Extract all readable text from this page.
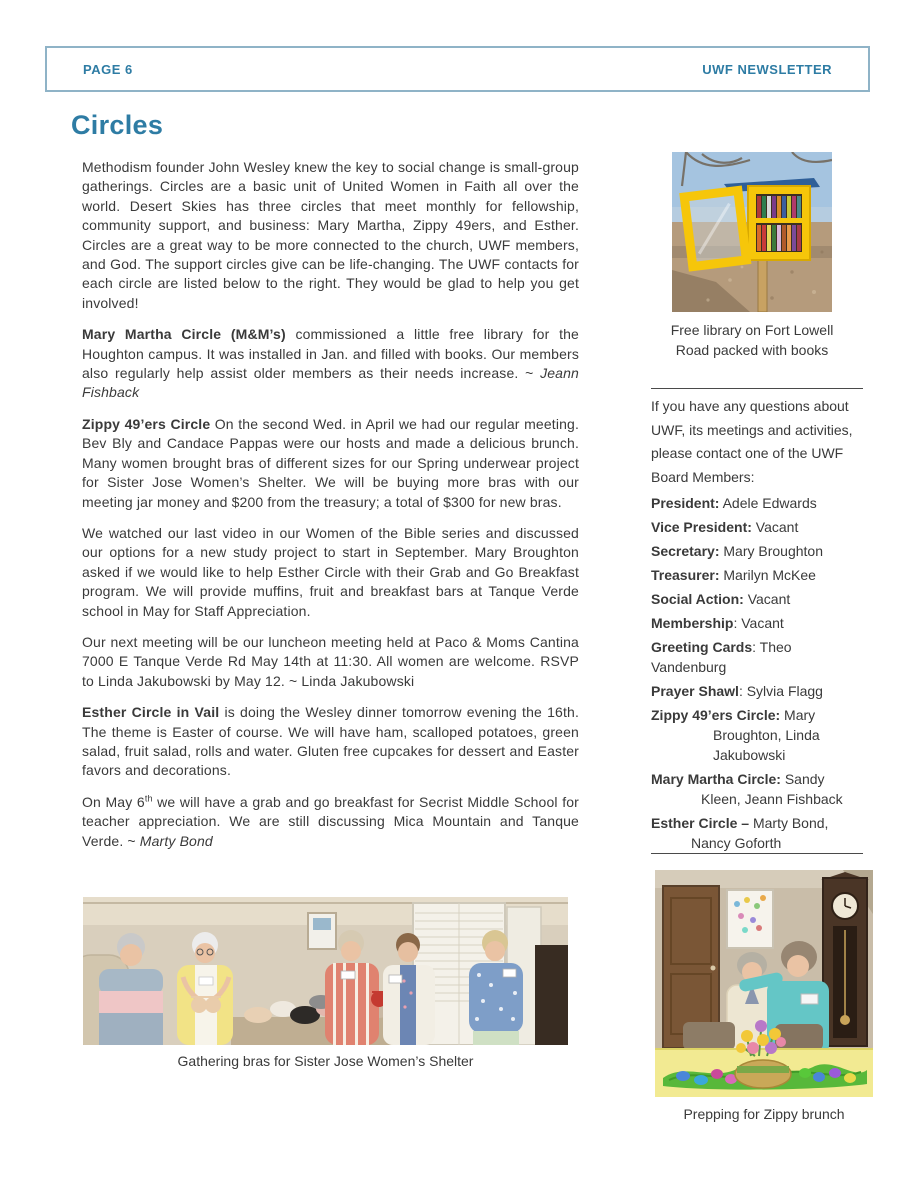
PAGE 6	UWF NEWSLETTER
Circles

Methodism founder John Wesley knew the key to social change is small-group gatherings. Circles are a basic unit of United Women in Faith all over the world. Desert Skies has three circles that meet monthly for fellowship, community support, and business: Mary Martha, Zippy 49ers, and Esther. Circles are a great way to be more connected to the church, UWF members, and God. The support circles give can be life-changing. The UWF contacts for each circle are listed below to the right. They would be glad to help you get involved!

Mary Martha Circle (M&M’s) commissioned a little free library for the Houghton campus. It was installed in Jan. and filled with books. Our members also regularly help assist older members as their needs increase. ~ Jeann Fishback

Zippy 49’ers Circle On the second Wed. in April we had our regular meeting. Bev Bly and Candace Pappas were our hosts and made a delicious brunch. Many women brought bras of different sizes for our Spring underwear project for Sister Jose Women’s Shelter. We will be buying more bras with our meeting jar money and $200 from the treasury; a total of $300 for new bras.

We watched our last video in our Women of the Bible series and discussed our options for a new study project to start in September. Mary Broughton asked if we would like to help Esther Circle with their Grab and Go Breakfast program. We will provide muffins, fruit and breakfast bars at Tanque Verde school in May for Staff Appreciation.

Our next meeting will be our luncheon meeting held at Paco & Moms Cantina 7000 E Tanque Verde Rd May 14th at 11:30. All women are welcome. RSVP to Linda Jakubowski by May 12. ~ Linda Jakubowski

Esther Circle in Vail is doing the Wesley dinner tomorrow evening the 16th. The theme is Easter of course. We will have ham, scalloped potatoes, green salad, fruit salad, rolls and water. Gluten free cupcakes for dessert and Easter favors and decorations.

On May 6th we will have a grab and go breakfast for Secrist Middle School for teacher appreciation. We are still discussing Mica Mountain and Tanque Verde. ~ Marty Bond

Free library on Fort Lowell Road packed with books
If you have any questions about UWF, its meetings and activities, please contact one of the UWF Board Members:
President: Adele Edwards
Vice President: Vacant
Secretary: Mary Broughton
Treasurer: Marilyn McKee
Social Action: Vacant
Membership: Vacant
Greeting Cards: Theo
Vandenburg
Prayer Shawl: Sylvia Flagg
Zippy 49’ers Circle: Mary
Broughton, Linda
Jakubowski
Mary Martha Circle: Sandy
Kleen, Jeann Fishback
Esther Circle – Marty Bond,
Nancy Goforth
Gathering bras for Sister Jose Women’s Shelter
Prepping for Zippy brunch
